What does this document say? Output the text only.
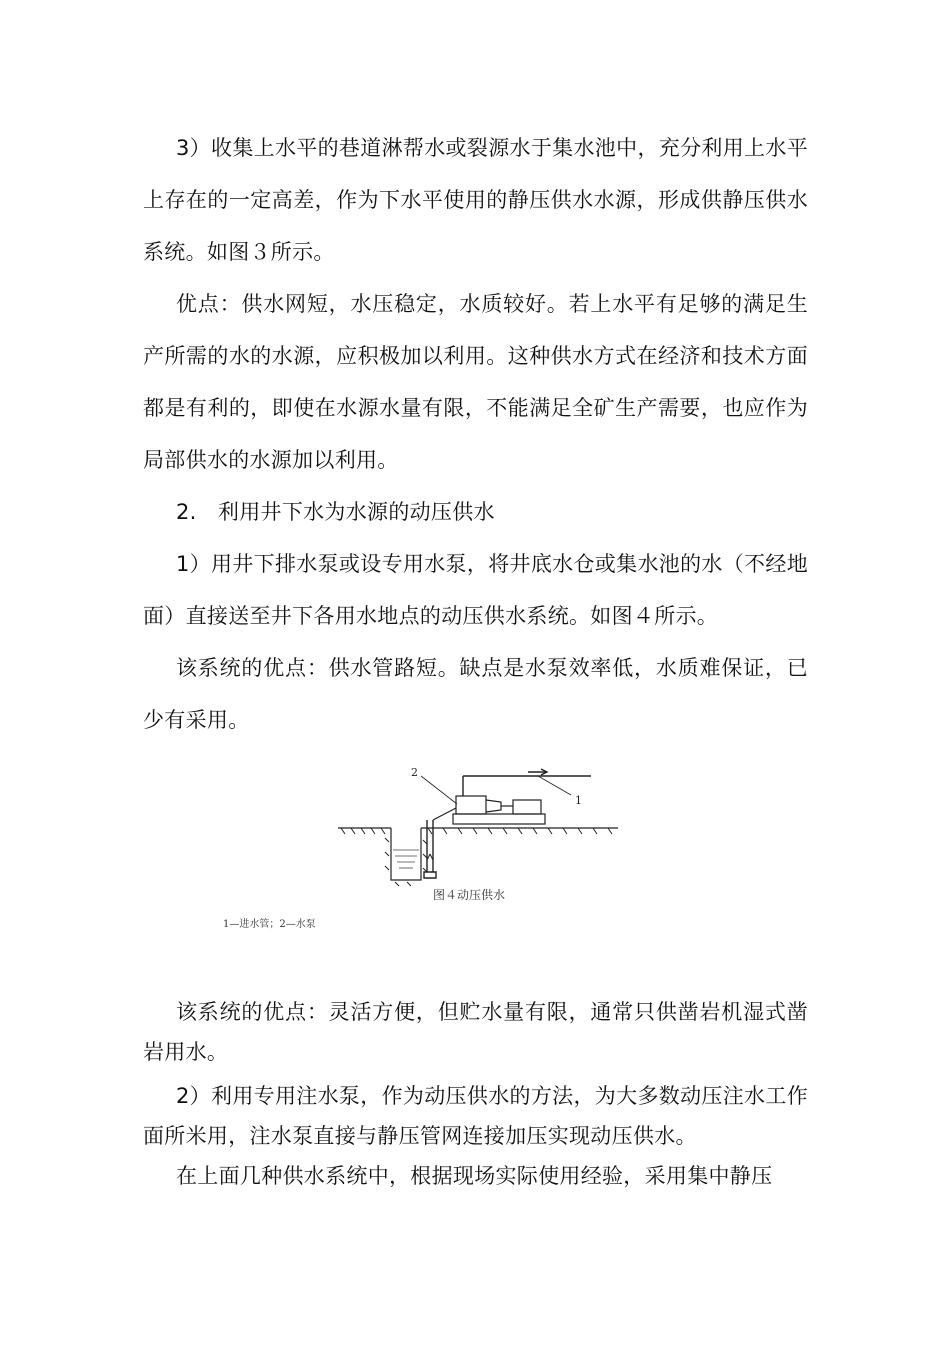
3）收集上水平的巷道淋帮水或裂源水于集水池中，充分利用上水平上存在的一定高差，作为下水平使用的静压供水水源，形成供静压供水系统。如图３所示。

优点：供水网短，水压稳定，水质较好。若上水平有足够的满足生产所需的水的水源，应积极加以利用。这种供水方式在经济和技术方面都是有利的，即使在水源水量有限，不能满足全矿生产需要，也应作为局部供水的水源加以利用。

2.　利用井下水为水源的动压供水

1）用井下排水泵或设专用水泵，将井底水仓或集水池的水（不经地面）直接送至井下各用水地点的动压供水系统。如图４所示。

该系统的优点：供水管路短。缺点是水泵效率低，水质难保证，已少有采用。

2
1
图４动压供水
1—进水管；2—水泵

该系统的优点：灵活方便，但贮水量有限，通常只供凿岩机湿式凿岩用水。

2）利用专用注水泵，作为动压供水的方法，为大多数动压注水工作面所米用，注水泵直接与静压管网连接加压实现动压供水。

在上面几种供水系统中，根据现场实际使用经验，采用集中静压
